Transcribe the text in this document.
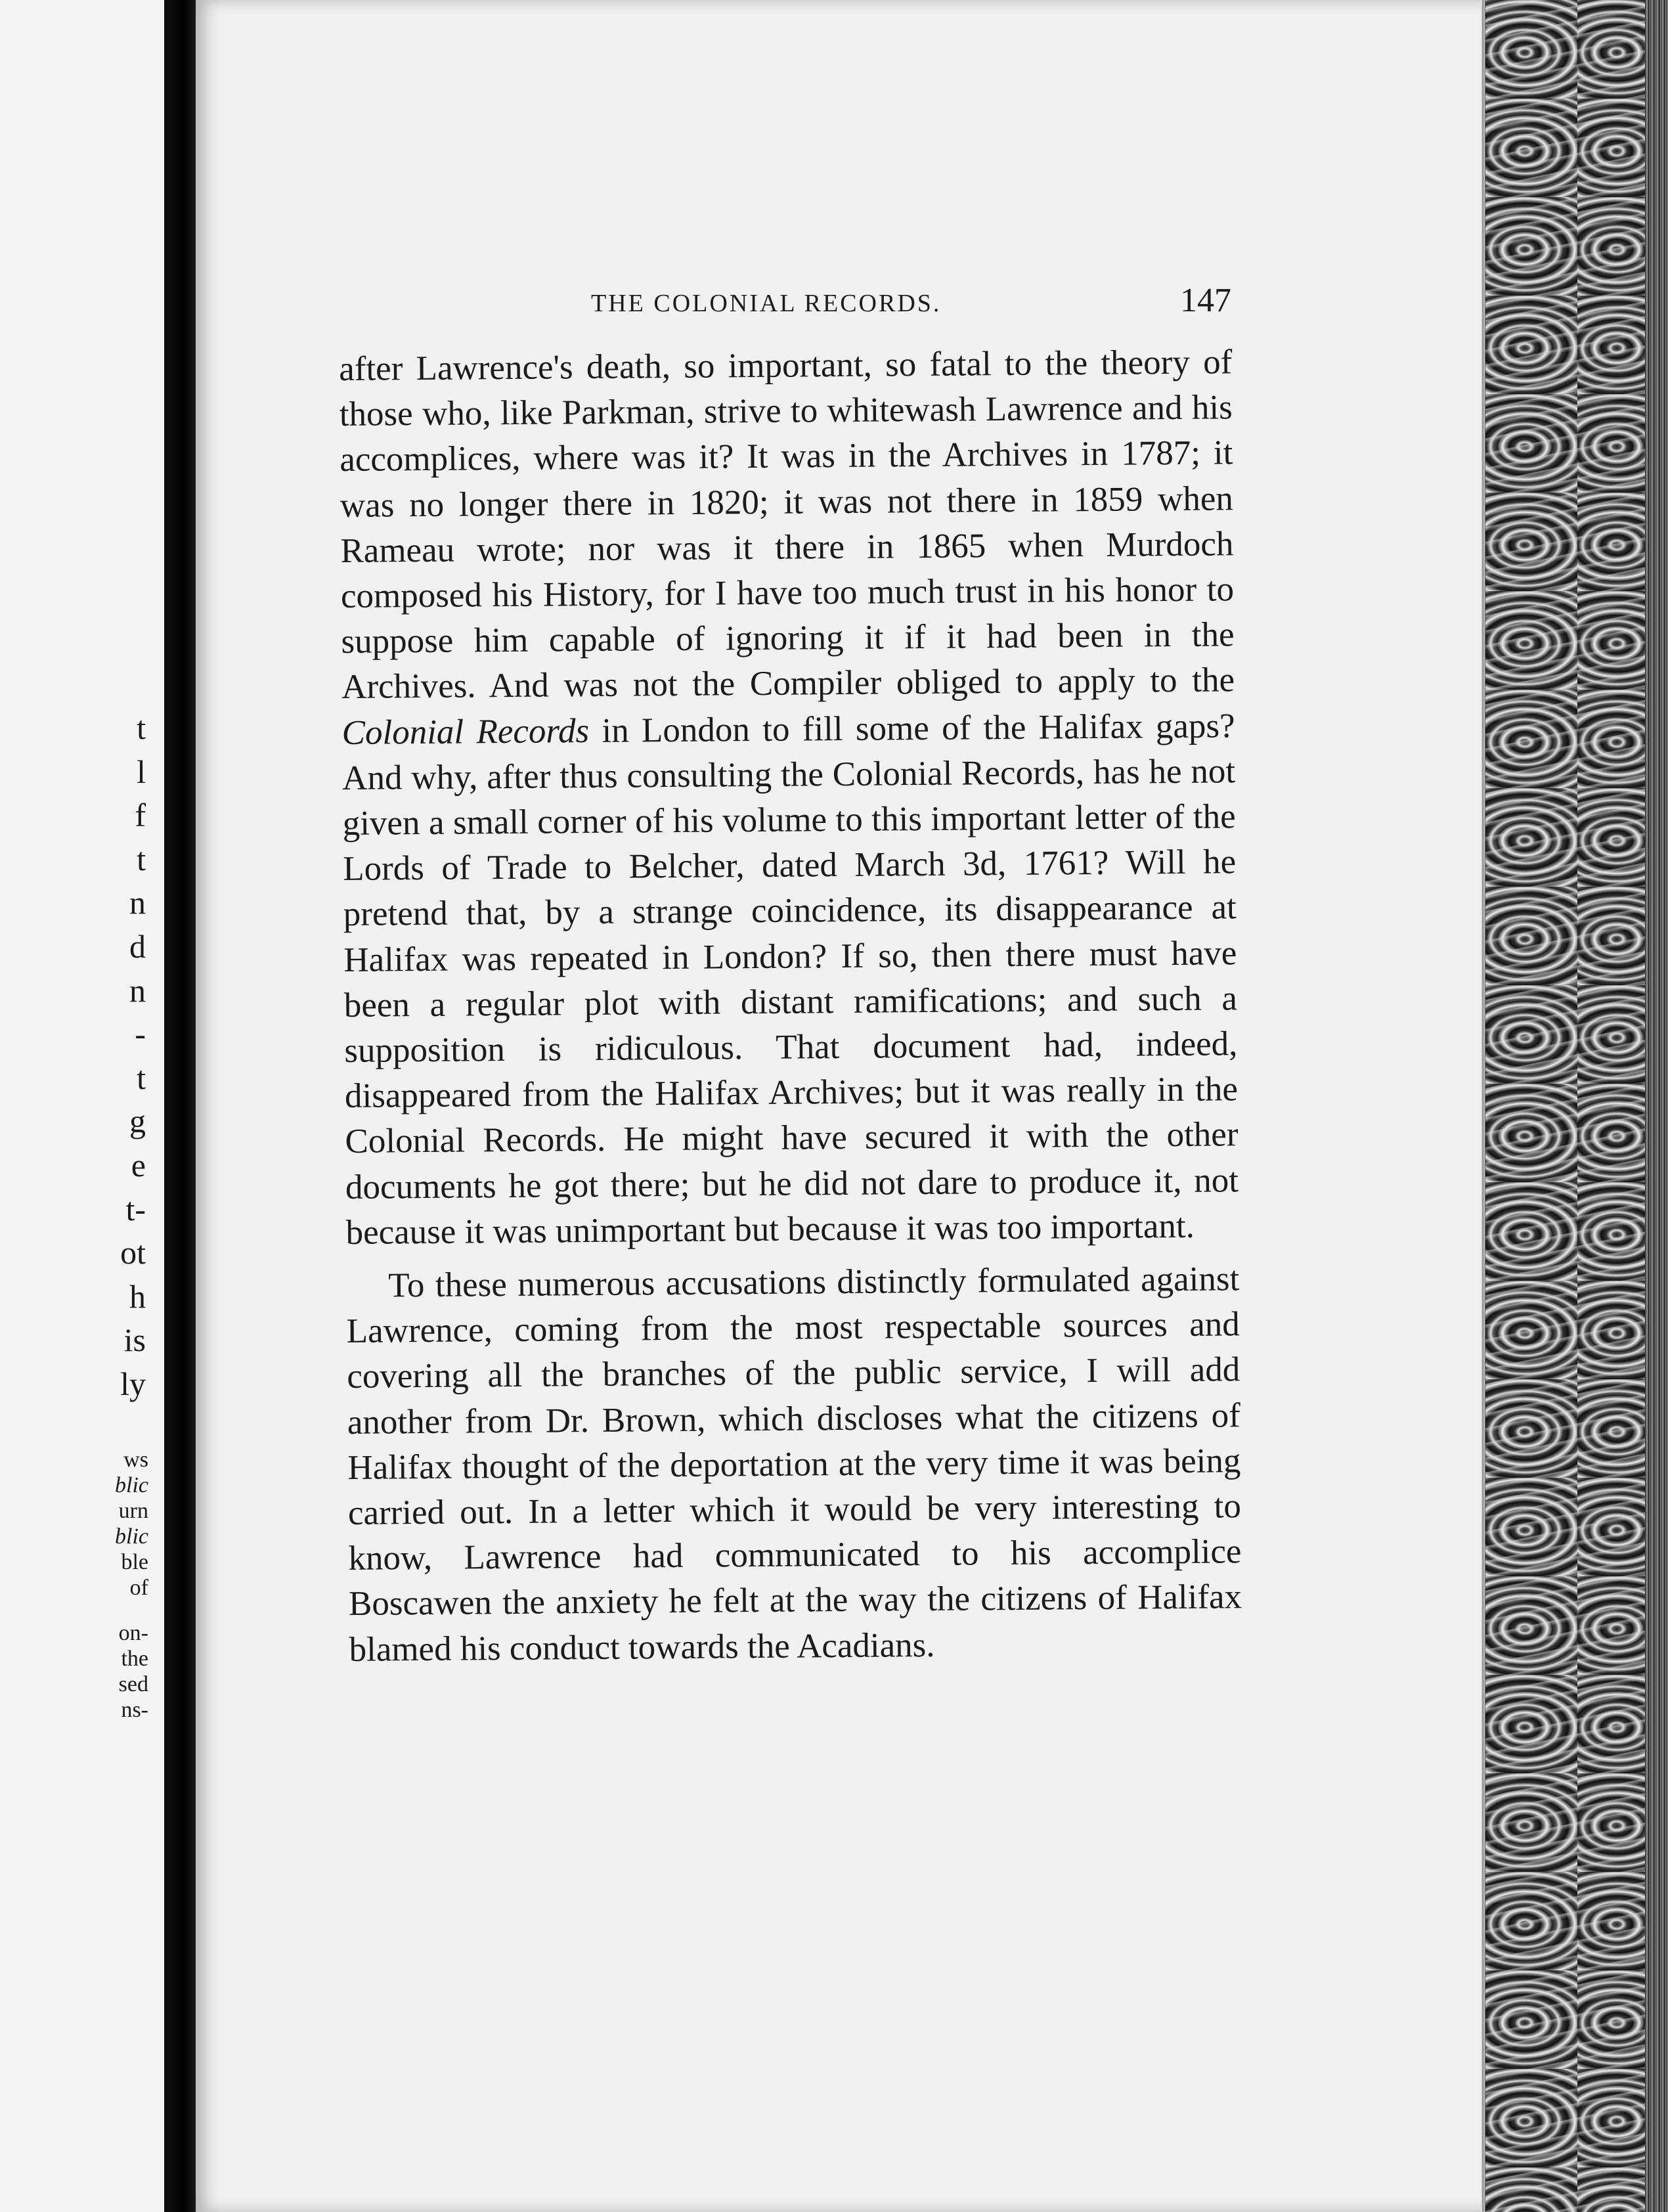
t

l

f

t

n

d

n

-

t

g

e

t-

ot

h

is

ly

ws

blic

urn

blic

ble

of

on-

the

sed

ns-

THE COLONIAL RECORDS.	147

after Lawrence's death, so important, so fatal to the theory of those who, like Parkman, strive to whitewash Lawrence and his accomplices, where was it? It was in the Archives in 1787; it was no longer there in 1820; it was not there in 1859 when Rameau wrote; nor was it there in 1865 when Murdoch composed his History, for I have too much trust in his honor to suppose him capable of ignoring it if it had been in the Archives. And was not the Compiler obliged to apply to the Colonial Records in London to fill some of the Halifax gaps? And why, after thus consulting the Colonial Records, has he not given a small corner of his volume to this important letter of the Lords of Trade to Belcher, dated March 3d, 1761? Will he pretend that, by a strange coincidence, its disappearance at Halifax was repeated in London? If so, then there must have been a regular plot with distant ramifications; and such a supposition is ridiculous. That document had, indeed, disappeared from the Halifax Archives; but it was really in the Colonial Records. He might have secured it with the other documents he got there; but he did not dare to produce it, not because it was unimportant but because it was too important.

To these numerous accusations distinctly formulated against Lawrence, coming from the most respectable sources and covering all the branches of the public service, I will add another from Dr. Brown, which discloses what the citizens of Halifax thought of the deportation at the very time it was being carried out. In a letter which it would be very interesting to know, Lawrence had communicated to his accomplice Boscawen the anxiety he felt at the way the citizens of Halifax blamed his conduct towards the Acadians.
